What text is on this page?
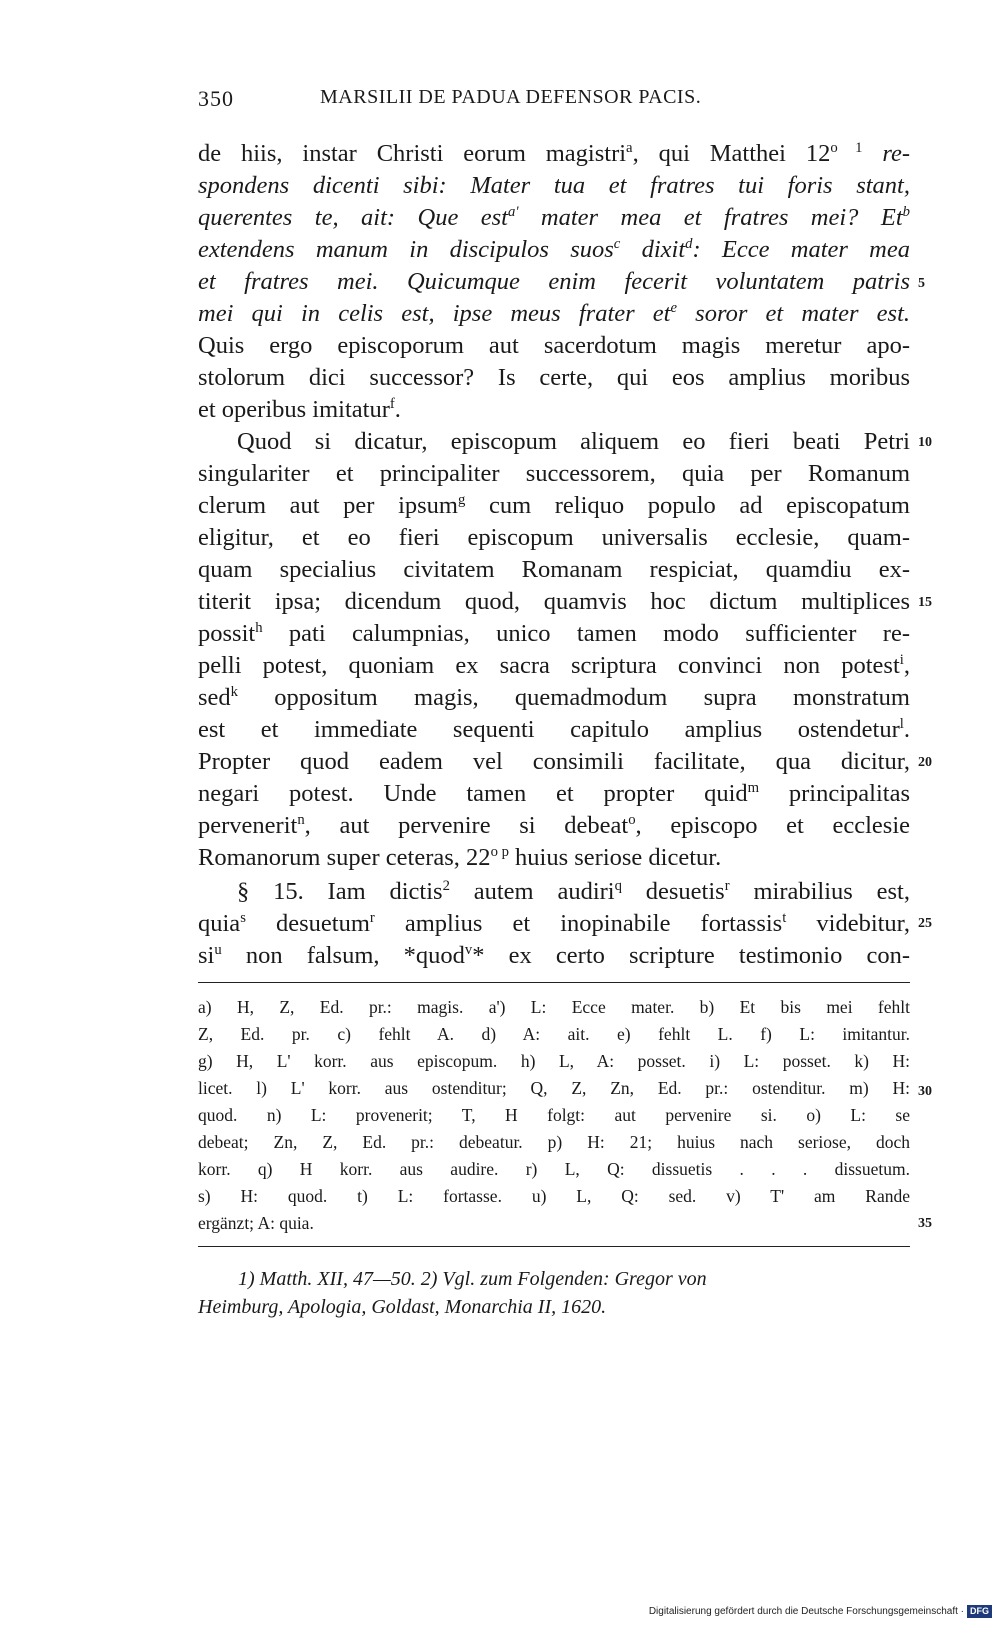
350	MARSILII DE PADUA DEFENSOR PACIS.
de hiis, instar Christi eorum magistri$^a$, qui Matthei $12^{o 1}$ re-
spondens dicenti sibi: Mater tua et fratres tui foris stant,
querentes te, ait: Que est$^{a'}$ mater mea et fratres mei? Et$^b$
extendens manum in discipulos suos$^c$ dixit$^d$: Ecce mater mea
et fratres mei. Quicumque enim fecerit voluntatem patris
mei qui in celis est, ipse meus frater $et^e$ soror et mater est.
Quis ergo episcoporum aut sacerdotum magis meretur apo-
stolorum dici successor? Is certe, qui eos amplius moribus
et operibus imitatur$^f$.
Quod si dicatur, episcopum aliquem eo fieri beati Petri
singulariter et principaliter successorem, quia per Romanum
clerum aut per ipsum$^g$ cum reliquo populo ad episcopatum
eligitur, et eo fieri episcopum universalis ecclesie, quam-
quam specialius civitatem Romanam respiciat, quamdiu ex-
titerit ipsa; dicendum quod, quamvis hoc dictum multiplices
possit$^h$ pati calumpnias, unico tamen modo sufficienter re-
pelli potest, quoniam ex sacra scriptura convinci non potest$^i$,
sed$^k$ oppositum magis, quemadmodum supra monstratum
est et immediate sequenti capitulo amplius ostendetur$^l$.
Propter quod eadem vel consimili facilitate, qua dicitur,
negari potest. Unde tamen et propter quid$^m$ principalitas
pervenerit$^n$, aut pervenire si debeat$^o$, episcopo et ecclesie
Romanorum super ceteras, $22^{o p}$ huius seriose dicetur.
§ 15. Iam dictis$^2$ autem audiri$^q$ desuetis$^r$ mirabilius est,
quia$^s$ desuetum$^r$ amplius et inopinabile fortassis$^t$ videbitur,
$si^u$ non falsum, *quod$^v$* ex certo scripture testimonio con-
5
10
15
20
25
30
35
a) H, Z, Ed. pr.: magis. a') L: Ecce mater. b) Et bis mei fehlt
Z, Ed. pr. c) fehlt A. d) A: ait. e) fehlt L. f) L: imitantur.
g) H, L' korr. aus episcopum. h) L, A: posset. i) L: posset. k) H:
licet. l) L' korr. aus ostenditur; Q, Z, Zn, Ed. pr.: ostenditur. m) H:
quod. n) L: provenerit; T, H folgt: aut pervenire si. o) L: se
debeat; Zn, Z, Ed. pr.: debeatur. p) H: 21; huius nach seriose, doch
korr. q) H korr. aus audire. r) L, Q: dissuetis . . . dissuetum.
s) H: quod. t) L: fortasse. u) L, Q: sed. v) T' am Rande
ergänzt; A: quia.
1) Matth. XII, 47—50. 2) Vgl. zum Folgenden: Gregor von
Heimburg, Apologia, Goldast, Monarchia II, 1620.
Digitalisierung gefördert durch die Deutsche Forschungsgemeinschaft · DFG
